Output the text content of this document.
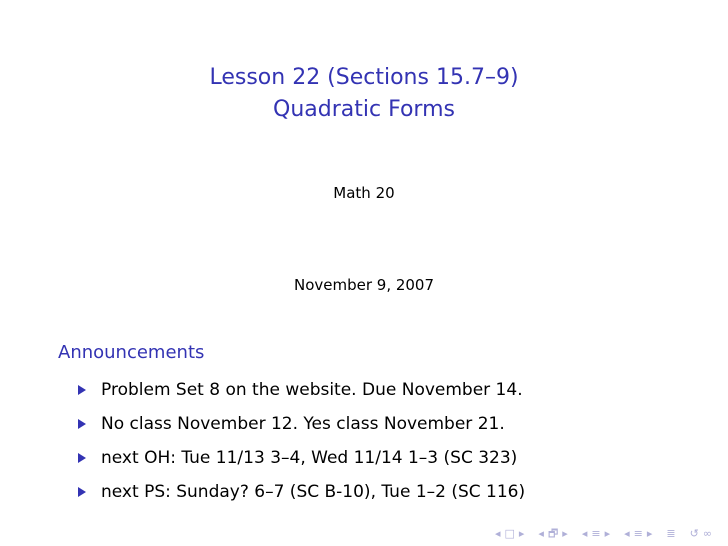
Lesson 22 (Sections 15.7–9)
Quadratic Forms
Math 20
November 9, 2007
Announcements
Problem Set 8 on the website. Due November 14.
No class November 12. Yes class November 21.
next OH: Tue 11/13 3–4, Wed 11/14 1–3 (SC 323)
next PS: Sunday? 6–7 (SC B-10), Tue 1–2 (SC 116)
◂ □ ▸ ◂ 🗗 ▸ ◂ ≡ ▸ ◂ ≡ ▸ ≣ ↺ ∞
